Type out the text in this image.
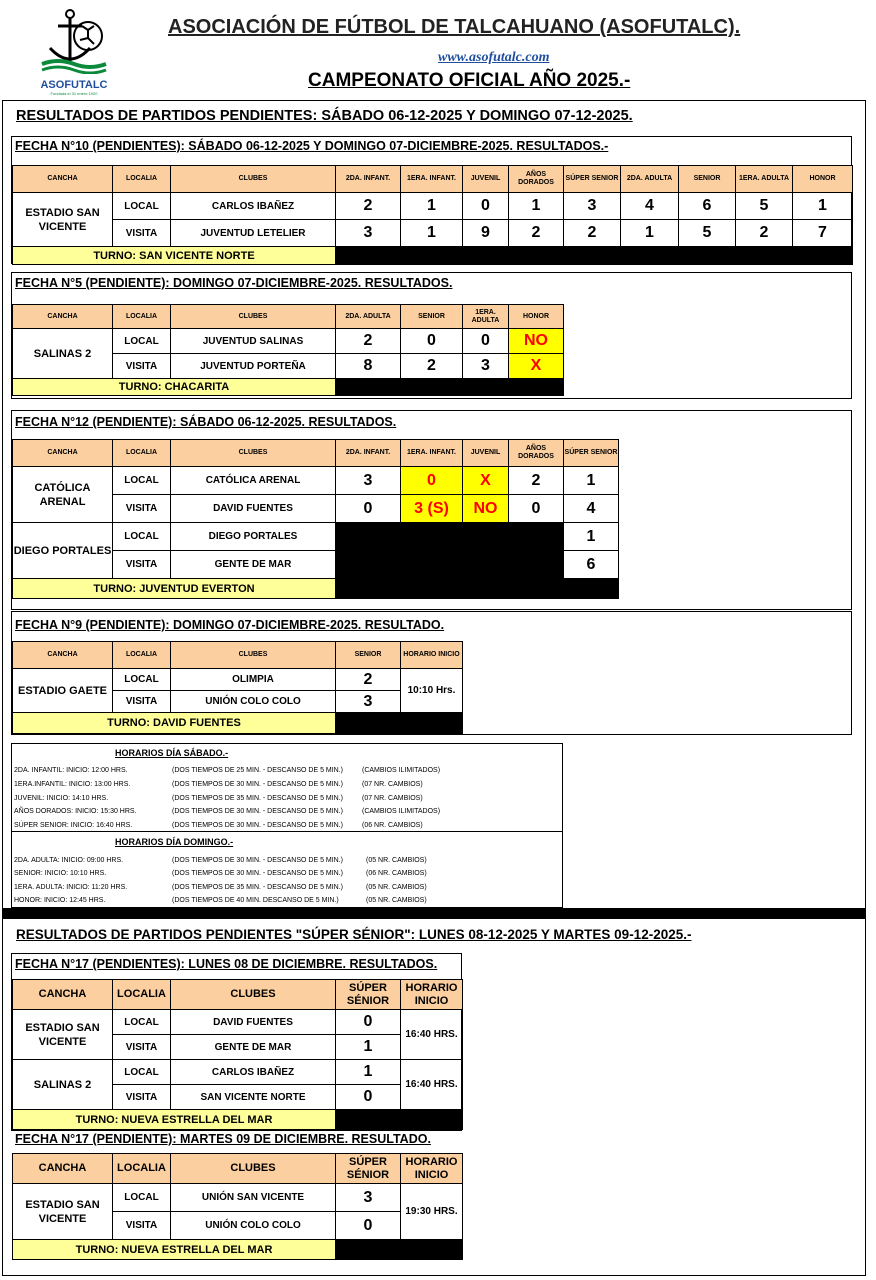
ASOFUTALC
Fundada el 31 enero 1920
ASOCIACIÓN DE FÚTBOL DE TALCAHUANO (ASOFUTALC).
www.asofutalc.com
CAMPEONATO OFICIAL AÑO 2025.-
RESULTADOS DE PARTIDOS PENDIENTES: SÁBADO 06-12-2025 Y DOMINGO 07-12-2025.
FECHA N°10 (PENDIENTES): SÁBADO 06-12-2025 Y DOMINGO 07-DICIEMBRE-2025. RESULTADOS.-
CANCHA	LOCALIA	CLUBES	2DA. INFANT.	1ERA. INFANT.	JUVENIL	AÑOS DORADOS	SÚPER SENIOR	2DA. ADULTA	SENIOR	1ERA. ADULTA	HONOR
ESTADIO SAN VICENTE	LOCAL	CARLOS IBAÑEZ	2	1	0	1	3	4	6	5	1
	VISITA	JUVENTUD LETELIER	3	1	9	2	2	1	5	2	7
TURNO: SAN VICENTE NORTE											
FECHA N°5 (PENDIENTE): DOMINGO 07-DICIEMBRE-2025. RESULTADOS.
CANCHA	LOCALIA	CLUBES	2DA. ADULTA	SENIOR	1ERA. ADULTA	HONOR
SALINAS 2	LOCAL	JUVENTUD SALINAS	2	0	0	NO
	VISITA	JUVENTUD PORTEÑA	8	2	3	X
TURNO: CHACARITA						
FECHA N°12 (PENDIENTE): SÁBADO 06-12-2025. RESULTADOS.
CANCHA	LOCALIA	CLUBES	2DA. INFANT.	1ERA. INFANT.	JUVENIL	AÑOS DORADOS	SÚPER SENIOR
CATÓLICA ARENAL	LOCAL	CATÓLICA ARENAL	3	0	X	2	1
	VISITA	DAVID FUENTES	0	3 (S)	NO	0	4
DIEGO PORTALES	LOCAL	DIEGO PORTALES					1
	VISITA	GENTE DE MAR					6
TURNO: JUVENTUD EVERTON							
FECHA N°9 (PENDIENTE): DOMINGO 07-DICIEMBRE-2025. RESULTADO.
CANCHA	LOCALIA	CLUBES	SENIOR	HORARIO INICIO
ESTADIO GAETE	LOCAL	OLIMPIA	2	10:10 Hrs.
	VISITA	UNIÓN COLO COLO	3	
TURNO: DAVID FUENTES				
HORARIOS DÍA SÁBADO.-
2DA. INFANTIL: INICIO: 12:00 HRS.	(DOS TIEMPOS DE 25 MIN. - DESCANSO DE 5 MIN.)	(CAMBIOS ILIMITADOS)
1ERA.INFANTIL: INICIO: 13:00 HRS.	(DOS TIEMPOS DE 30 MIN. - DESCANSO DE 5 MIN.)	(07 NR. CAMBIOS)
JUVENIL: INICIO: 14:10 HRS.	(DOS TIEMPOS DE 35 MIN. - DESCANSO DE 5 MIN.)	(07 NR. CAMBIOS)
AÑOS DORADOS: INICIO: 15:30 HRS.	(DOS TIEMPOS DE 30 MIN. - DESCANSO DE 5 MIN.)	(CAMBIOS ILIMITADOS)
SÚPER SENIOR: INICIO: 16:40 HRS.	(DOS TIEMPOS DE 30 MIN. - DESCANSO DE 5 MIN.)	(06 NR. CAMBIOS)
HORARIOS DÍA DOMINGO.-
2DA. ADULTA: INICIO: 09:00 HRS.	(DOS TIEMPOS DE 30 MIN. - DESCANSO DE 5 MIN.)	(05 NR. CAMBIOS)
SENIOR: INICIO: 10:10 HRS.	(DOS TIEMPOS DE 30 MIN. - DESCANSO DE 5 MIN.)	(06 NR. CAMBIOS)
1ERA. ADULTA: INICIO: 11:20 HRS.	(DOS TIEMPOS DE 35 MIN. - DESCANSO DE 5 MIN.)	(05 NR. CAMBIOS)
HONOR: INICIO: 12:45 HRS.	(DOS TIEMPOS DE 40 MIN. DESCANSO DE 5 MIN.)	(05 NR. CAMBIOS)
RESULTADOS DE PARTIDOS PENDIENTES "SÚPER SÉNIOR": LUNES 08-12-2025 Y MARTES 09-12-2025.-
FECHA N°17 (PENDIENTES): LUNES 08 DE DICIEMBRE. RESULTADOS.
CANCHA	LOCALIA	CLUBES	SÚPER SÉNIOR	HORARIO INICIO
ESTADIO SAN VICENTE	LOCAL	DAVID FUENTES	0	16:40 HRS.
	VISITA	GENTE DE MAR	1	
SALINAS 2	LOCAL	CARLOS IBAÑEZ	1	16:40 HRS.
	VISITA	SAN VICENTE NORTE	0	
TURNO: NUEVA ESTRELLA DEL MAR				
FECHA N°17 (PENDIENTE): MARTES 09 DE DICIEMBRE. RESULTADO.
CANCHA	LOCALIA	CLUBES	SÚPER SÉNIOR	HORARIO INICIO
ESTADIO SAN VICENTE	LOCAL	UNIÓN SAN VICENTE	3	19:30 HRS.
	VISITA	UNIÓN COLO COLO	0	
TURNO: NUEVA ESTRELLA DEL MAR				
